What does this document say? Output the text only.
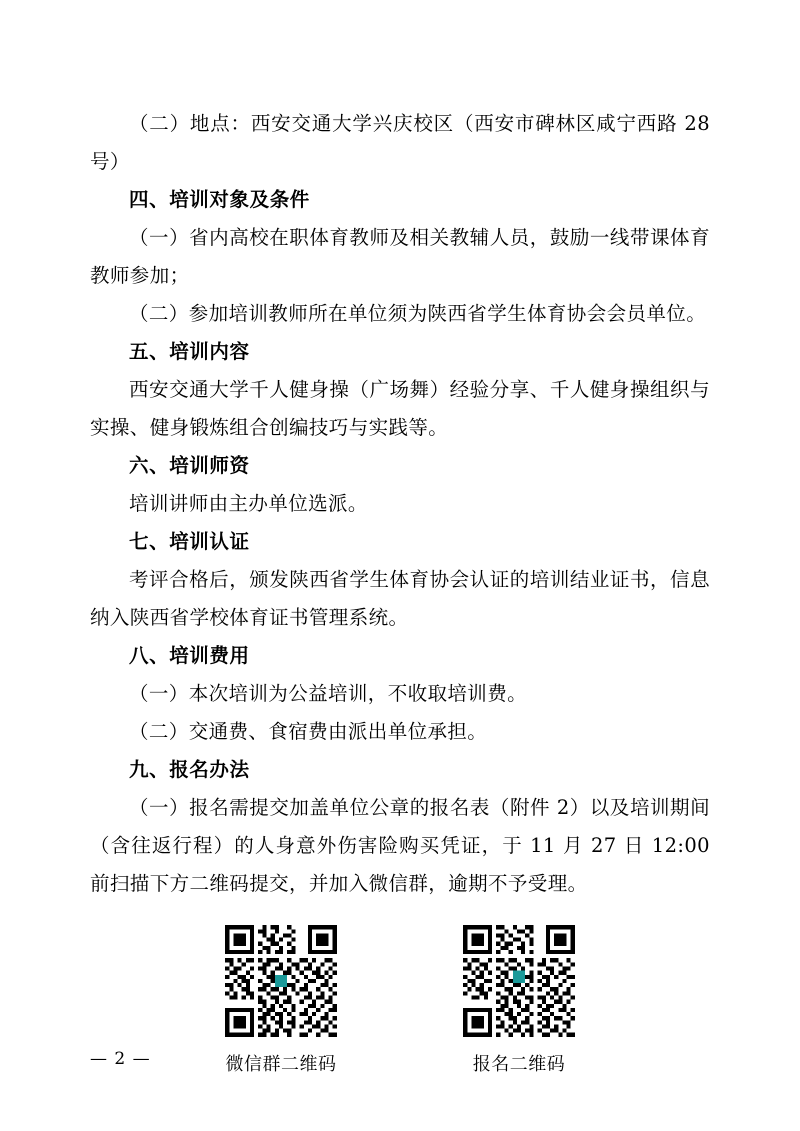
（二）地点：西安交通大学兴庆校区（西安市碑林区咸宁西路 28 号）

四、培训对象及条件

（一）省内高校在职体育教师及相关教辅人员，鼓励一线带课体育教师参加；

（二）参加培训教师所在单位须为陕西省学生体育协会会员单位。

五、培训内容

西安交通大学千人健身操（广场舞）经验分享、千人健身操组织与实操、健身锻炼组合创编技巧与实践等。

六、培训师资

培训讲师由主办单位选派。

七、培训认证

考评合格后，颁发陕西省学生体育协会认证的培训结业证书，信息纳入陕西省学校体育证书管理系统。

八、培训费用

（一）本次培训为公益培训，不收取培训费。

（二）交通费、食宿费由派出单位承担。

九、报名办法

（一）报名需提交加盖单位公章的报名表（附件 2）以及培训期间（含往返行程）的人身意外伤害险购买凭证，于 11 月 27 日 12:00 前扫描下方二维码提交，并加入微信群，逾期不予受理。

微信群二维码	报名二维码
— 2 —
